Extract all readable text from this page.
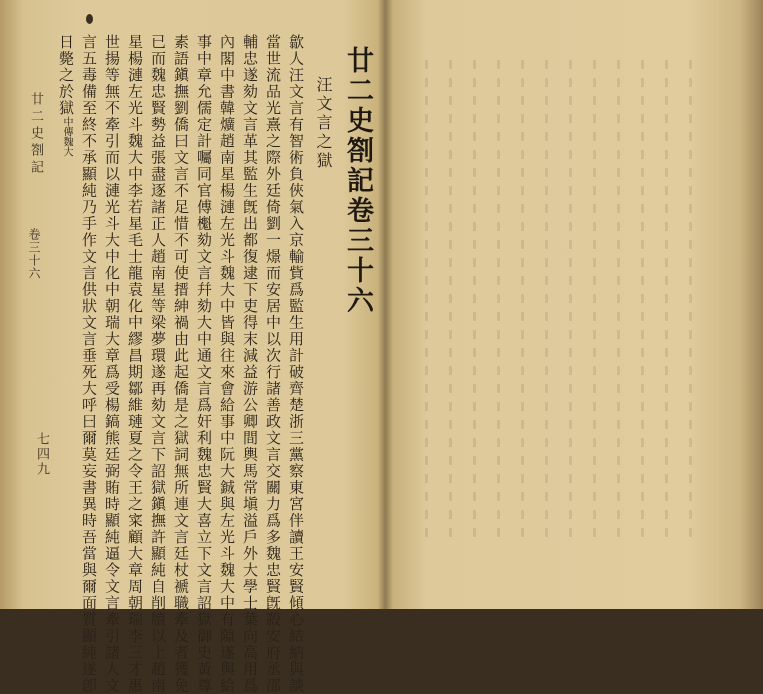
廿二史劄記卷三十六
汪文言之獄
歙人汪文言有智術負俠氣入京輸貲爲監生用計破齊楚浙三黨察東宮伴讀王安賢傾心結納與談
當世流品光熹之際外廷倚劉一燝而安居中以次行諸善政文言交關力爲多魏忠賢旣殺安府丞邵
輔忠遂劾文言革其監生旣出都復逮下吏得末減益游公卿間輿馬常塡溢戶外大學士葉向高用爲
內閣中書韓爌趙南星楊漣左光斗魏大中皆與往來會給事中阮大鋮與左光斗魏大中有隙遂與給
事中章允儒定計囑同官傅櫆劾文言幷劾大中通文言爲奸利魏忠賢大喜立下文言詔獄御史黃尊
素語鎭撫劉僑曰文言不足惜不可使搢紳禍由此起僑是之獄詞無所連文言廷杖褫職牽及者獲免
已而魏忠賢勢益張盡逐諸正人趙南星等梁夢環遂再劾文言下詔獄鎭撫許顯純自削牘以上趙南
星楊漣左光斗魏大中李若星毛士龍袁化中繆昌期鄒維璉夏之令王之寀顧大章周朝瑞李三才惠
世揚等無不牽引而以漣光斗大中化中朝瑞大章爲受楊鎬熊廷弼賄時顯純逼令文言牽引諸人文
言五毒備至終不承顯純乃手作文言供狀文言垂死大呼曰爾莫妄書異時吾當與爾面質顯純遂卽
日斃之於獄中傳魏大
廿二史劄記
卷三十六
七四九
